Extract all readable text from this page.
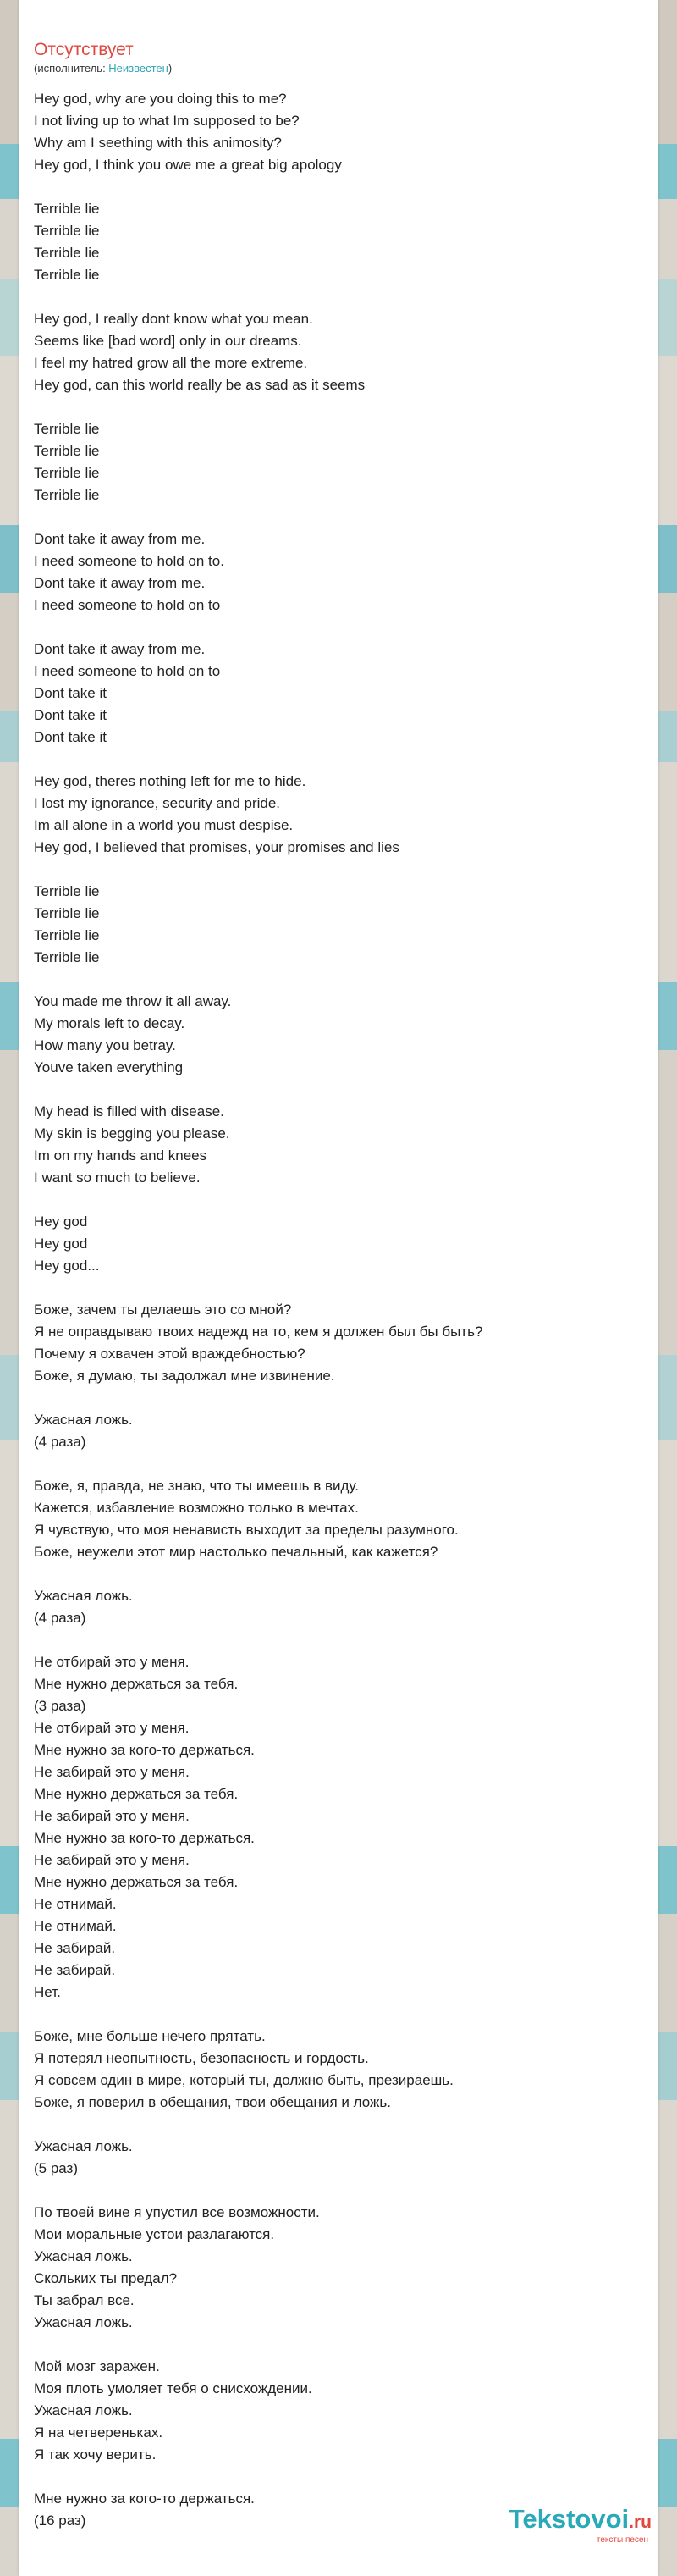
Отсутствует
(исполнитель: Неизвестен)
Hey god, why are you doing this to me?
I not living up to what Im supposed to be?
Why am I seething with this animosity?
Hey god, I think you owe me a great big apology
Terrible lie
Terrible lie
Terrible lie
Terrible lie
Hey god, I really dont know what you mean.
Seems like [bad word] only in our dreams.
I feel my hatred grow all the more extreme.
Hey god, can this world really be as sad as it seems
Terrible lie
Terrible lie
Terrible lie
Terrible lie
Dont take it away from me.
I need someone to hold on to.
Dont take it away from me.
I need someone to hold on to
Dont take it away from me.
I need someone to hold on to
Dont take it
Dont take it
Dont take it
Hey god, theres nothing left for me to hide.
I lost my ignorance, security and pride.
Im all alone in a world you must despise.
Hey god, I believed that promises, your promises and lies
Terrible lie
Terrible lie
Terrible lie
Terrible lie
You made me throw it all away.
My morals left to decay.
How many you betray.
Youve taken everything
My head is filled with disease.
My skin is begging you please.
Im on my hands and knees
I want so much to believe.
Hey god
Hey god
Hey god...
Боже, зачем ты делаешь это со мной?
Я не оправдываю твоих надежд на то, кем я должен был бы быть?
Почему я охвачен этой враждебностью?
Боже, я думаю, ты задолжал мне извинение.
Ужасная ложь.
(4 раза)
Боже, я, правда, не знаю, что ты имеешь в виду.
Кажется, избавление возможно только в мечтах.
Я чувствую, что моя ненависть выходит за пределы разумного.
Боже, неужели этот мир настолько печальный, как кажется?
Ужасная ложь.
(4 раза)
Не отбирай это у меня.
Мне нужно держаться за тебя.
(3 раза)
Не отбирай это у меня.
Мне нужно за кого-то держаться.
Не забирай это у меня.
Мне нужно держаться за тебя.
Не забирай это у меня.
Мне нужно за кого-то держаться.
Не забирай это у меня.
Мне нужно держаться за тебя.
Не отнимай.
Не отнимай.
Не забирай.
Не забирай.
Нет.
Боже, мне больше нечего прятать.
Я потерял неопытность, безопасность и гордость.
Я совсем один в мире, который ты, должно быть, презираешь.
Боже, я поверил в обещания, твои обещания и ложь.
Ужасная ложь.
(5 раз)
По твоей вине я упустил все возможности.
Мои моральные устои разлагаются.
Ужасная ложь.
Скольких ты предал?
Ты забрал все.
Ужасная ложь.
Мой мозг заражен.
Моя плоть умоляет тебя о снисхождении.
Ужасная ложь.
Я на четвереньках.
Я так хочу верить.
Мне нужно за кого-то держаться.
(16 раз)	Tekstovoi.ru
тексты песен
